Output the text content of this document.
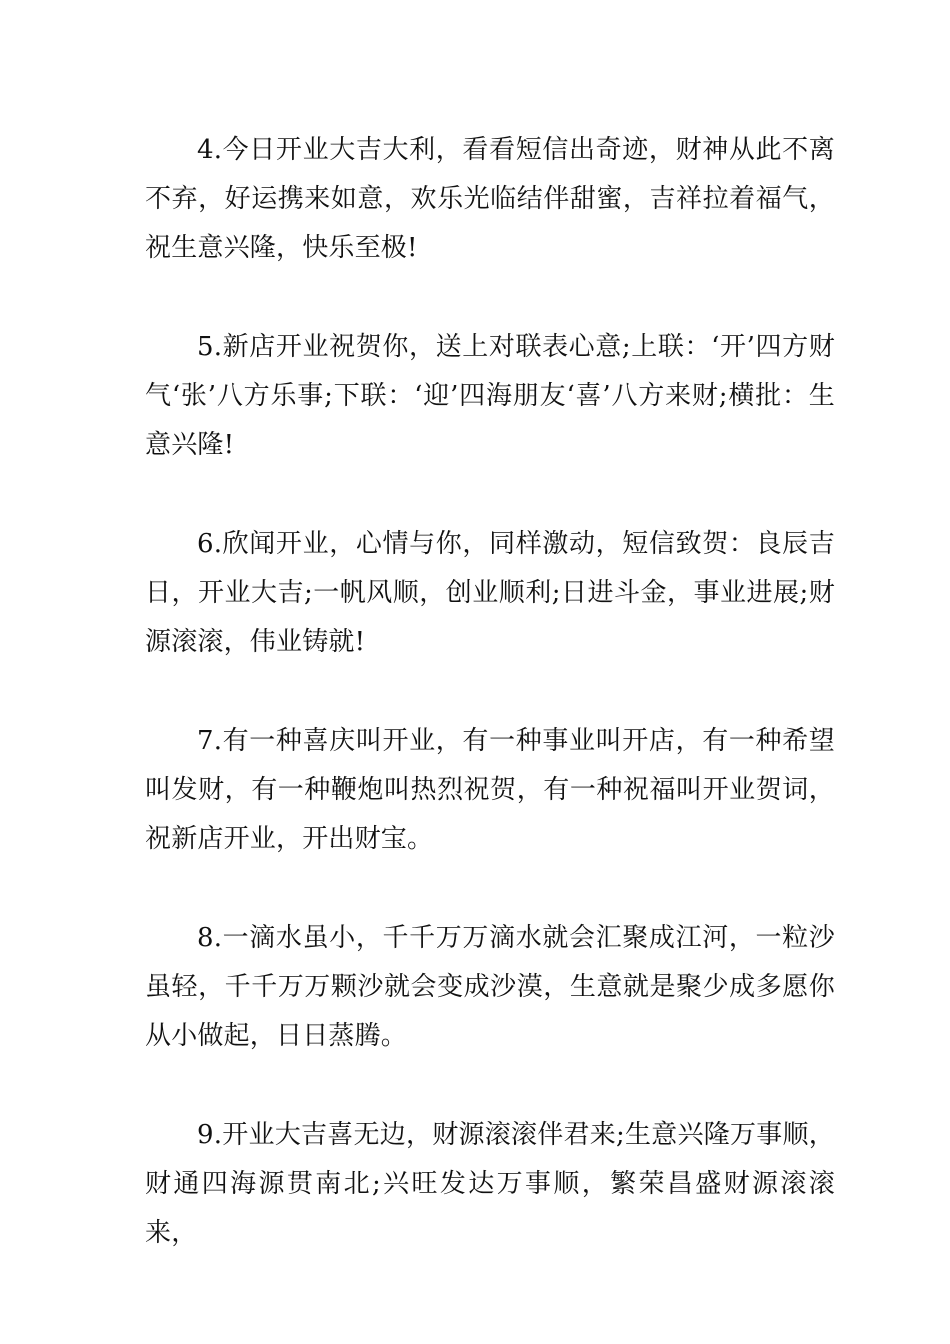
4.今日开业大吉大利，看看短信出奇迹，财神从此不离不弃，好运携来如意，欢乐光临结伴甜蜜，吉祥拉着福气，祝生意兴隆，快乐至极!

5.新店开业祝贺你，送上对联表心意;上联：‘开’四方财气‘张’八方乐事;下联：‘迎’四海朋友‘喜’八方来财;横批：生意兴隆!

6.欣闻开业，心情与你，同样激动，短信致贺：良辰吉日，开业大吉;一帆风顺，创业顺利;日进斗金，事业进展;财源滚滚，伟业铸就!

7.有一种喜庆叫开业，有一种事业叫开店，有一种希望叫发财，有一种鞭炮叫热烈祝贺，有一种祝福叫开业贺词，祝新店开业，开出财宝。

8.一滴水虽小，千千万万滴水就会汇聚成江河，一粒沙虽轻，千千万万颗沙就会变成沙漠，生意就是聚少成多愿你从小做起，日日蒸腾。

9.开业大吉喜无边，财源滚滚伴君来;生意兴隆万事顺，财通四海源贯南北;兴旺发达万事顺，繁荣昌盛财源滚滚来，
